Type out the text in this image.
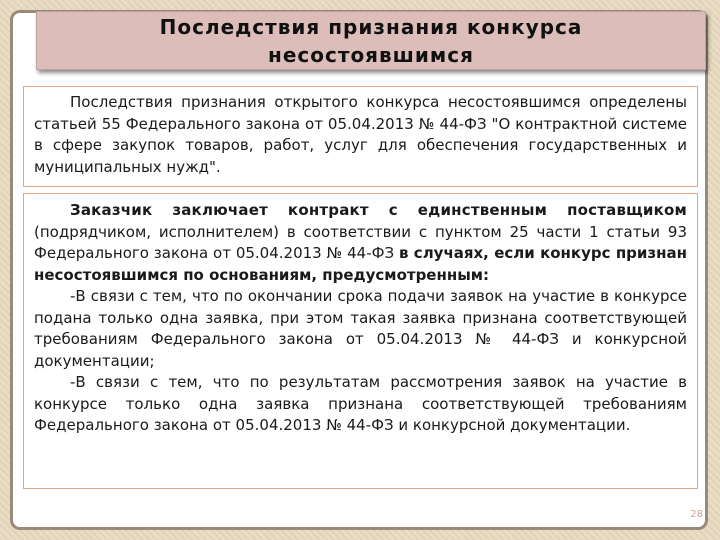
Последствия признания конкурса несостоявшимся

Последствия признания открытого конкурса несостоявшимся определены статьей 55 Федерального закона от 05.04.2013 № 44-ФЗ "О контрактной системе в сфере закупок товаров, работ, услуг для обеспечения государственных и муниципальных нужд".

Заказчик заключает контракт с единственным поставщиком (подрядчиком, исполнителем) в соответствии с пунктом 25 части 1 статьи 93 Федерального закона от 05.04.2013 № 44-ФЗ в случаях, если конкурс признан несостоявшимся по основаниям, предусмотренным:

-В связи с тем, что по окончании срока подачи заявок на участие в конкурсе подана только одна заявка, при этом такая заявка признана соответствующей требованиям Федерального закона от 05.04.2013 № 44-ФЗ и конкурсной документации;

-В связи с тем, что по результатам рассмотрения заявок на участие в конкурсе только одна заявка признана соответствующей требованиям Федерального закона от 05.04.2013 № 44-ФЗ и конкурсной документации.

28
